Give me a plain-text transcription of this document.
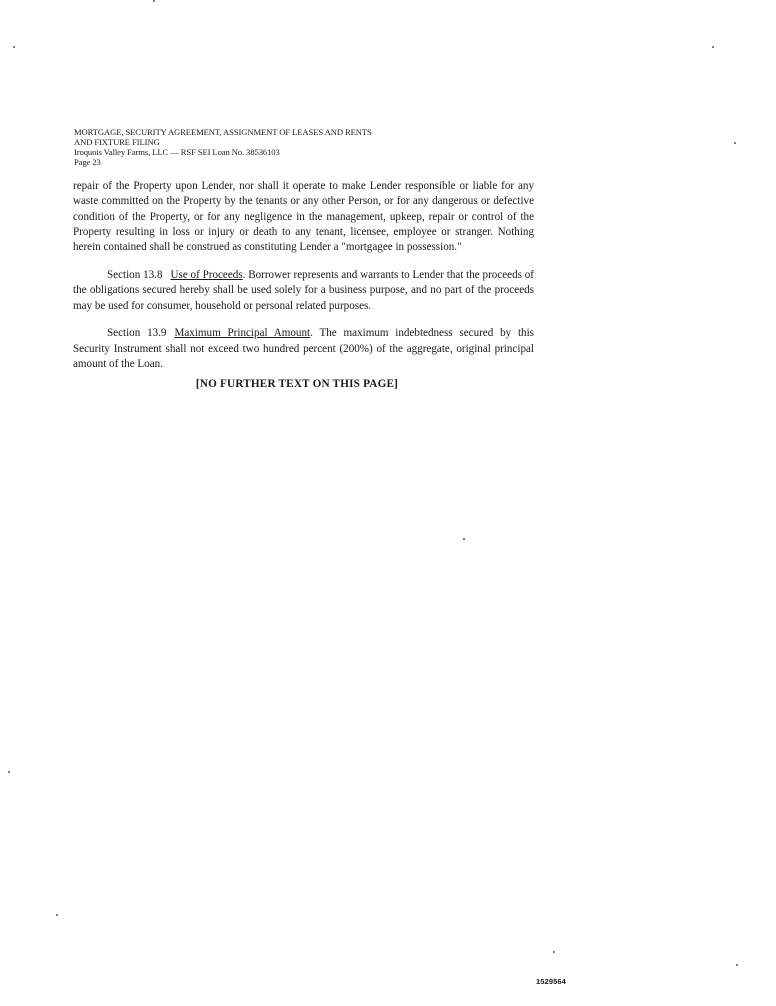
MORTGAGE, SECURITY AGREEMENT, ASSIGNMENT OF LEASES AND RENTS
AND FIXTURE FILING
Iroquois Valley Farms, LLC — RSF SEI Loan No. 38536103
Page 23

repair of the Property upon Lender, nor shall it operate to make Lender responsible or liable for any waste committed on the Property by the tenants or any other Person, or for any dangerous or defective condition of the Property, or for any negligence in the management, upkeep, repair or control of the Property resulting in loss or injury or death to any tenant, licensee, employee or stranger. Nothing herein contained shall be construed as constituting Lender a "mortgagee in possession."

Section 13.8 Use of Proceeds. Borrower represents and warrants to Lender that the proceeds of the obligations secured hereby shall be used solely for a business purpose, and no part of the proceeds may be used for consumer, household or personal related purposes.

Section 13.9 Maximum Principal Amount. The maximum indebtedness secured by this Security Instrument shall not exceed two hundred percent (200%) of the aggregate, original principal amount of the Loan.

[NO FURTHER TEXT ON THIS PAGE]
1529564
